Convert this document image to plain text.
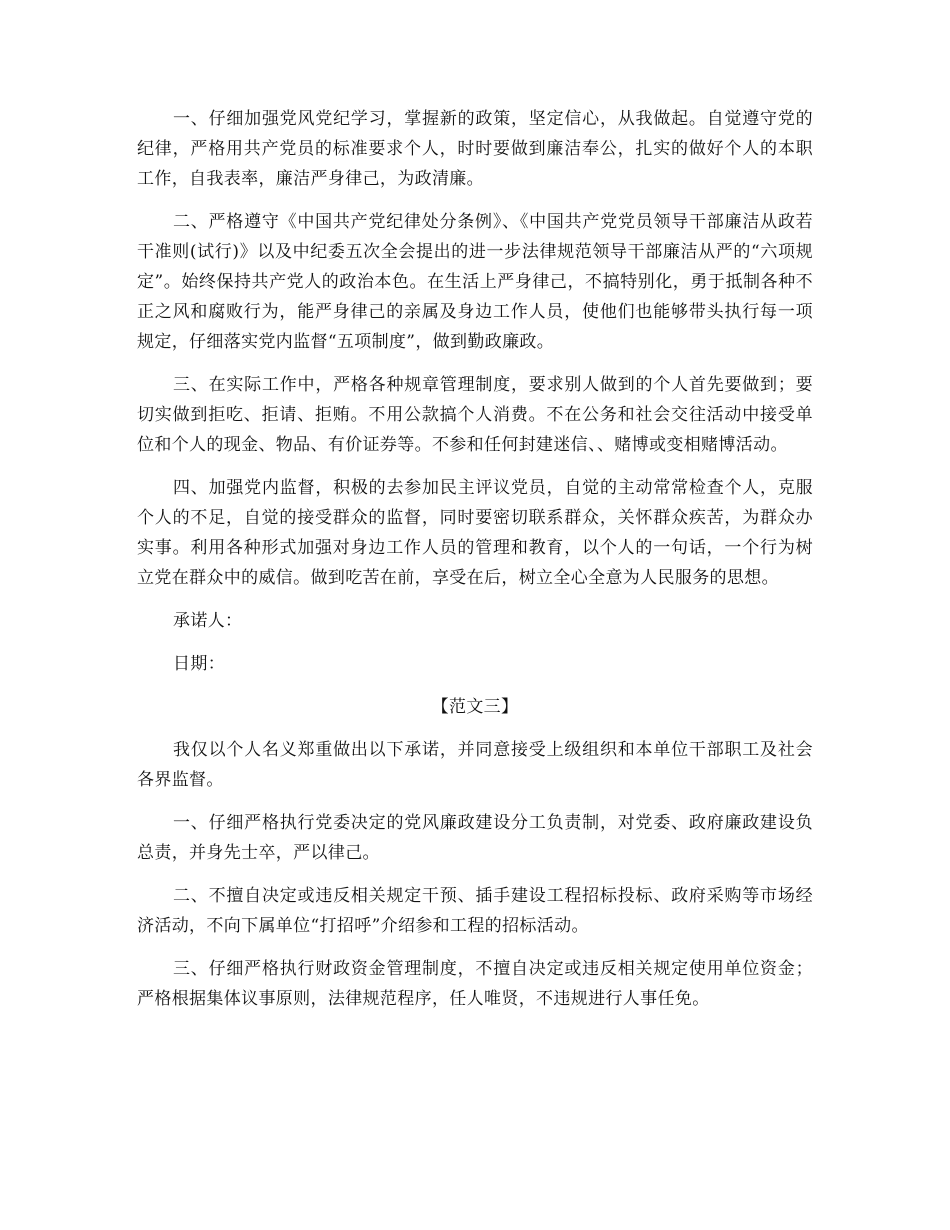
一、仔细加强党风党纪学习，掌握新的政策，坚定信心，从我做起。自觉遵守党的纪律，严格用共产党员的标准要求个人，时时要做到廉洁奉公，扎实的做好个人的本职工作，自我表率，廉洁严身律己，为政清廉。

二、严格遵守《中国共产党纪律处分条例》、《中国共产党党员领导干部廉洁从政若干准则(试行)》以及中纪委五次全会提出的进一步法律规范领导干部廉洁从严的“六项规定”。始终保持共产党人的政治本色。在生活上严身律己，不搞特别化，勇于抵制各种不正之风和腐败行为，能严身律己的亲属及身边工作人员，使他们也能够带头执行每一项规定，仔细落实党内监督“五项制度”，做到勤政廉政。

三、在实际工作中，严格各种规章管理制度，要求别人做到的个人首先要做到；要切实做到拒吃、拒请、拒贿。不用公款搞个人消费。不在公务和社会交往活动中接受单位和个人的现金、物品、有价证券等。不参和任何封建迷信、、赌博或变相赌博活动。

四、加强党内监督，积极的去参加民主评议党员，自觉的主动常常检查个人，克服个人的不足，自觉的接受群众的监督，同时要密切联系群众，关怀群众疾苦，为群众办实事。利用各种形式加强对身边工作人员的管理和教育，以个人的一句话，一个行为树立党在群众中的威信。做到吃苦在前，享受在后，树立全心全意为人民服务的思想。

承诺人：

日期：

【范文三】

我仅以个人名义郑重做出以下承诺，并同意接受上级组织和本单位干部职工及社会各界监督。

一、仔细严格执行党委决定的党风廉政建设分工负责制，对党委、政府廉政建设负总责，并身先士卒，严以律己。

二、不擅自决定或违反相关规定干预、插手建设工程招标投标、政府采购等市场经济活动，不向下属单位“打招呼”介绍参和工程的招标活动。

三、仔细严格执行财政资金管理制度，不擅自决定或违反相关规定使用单位资金；严格根据集体议事原则，法律规范程序，任人唯贤，不违规进行人事任免。
